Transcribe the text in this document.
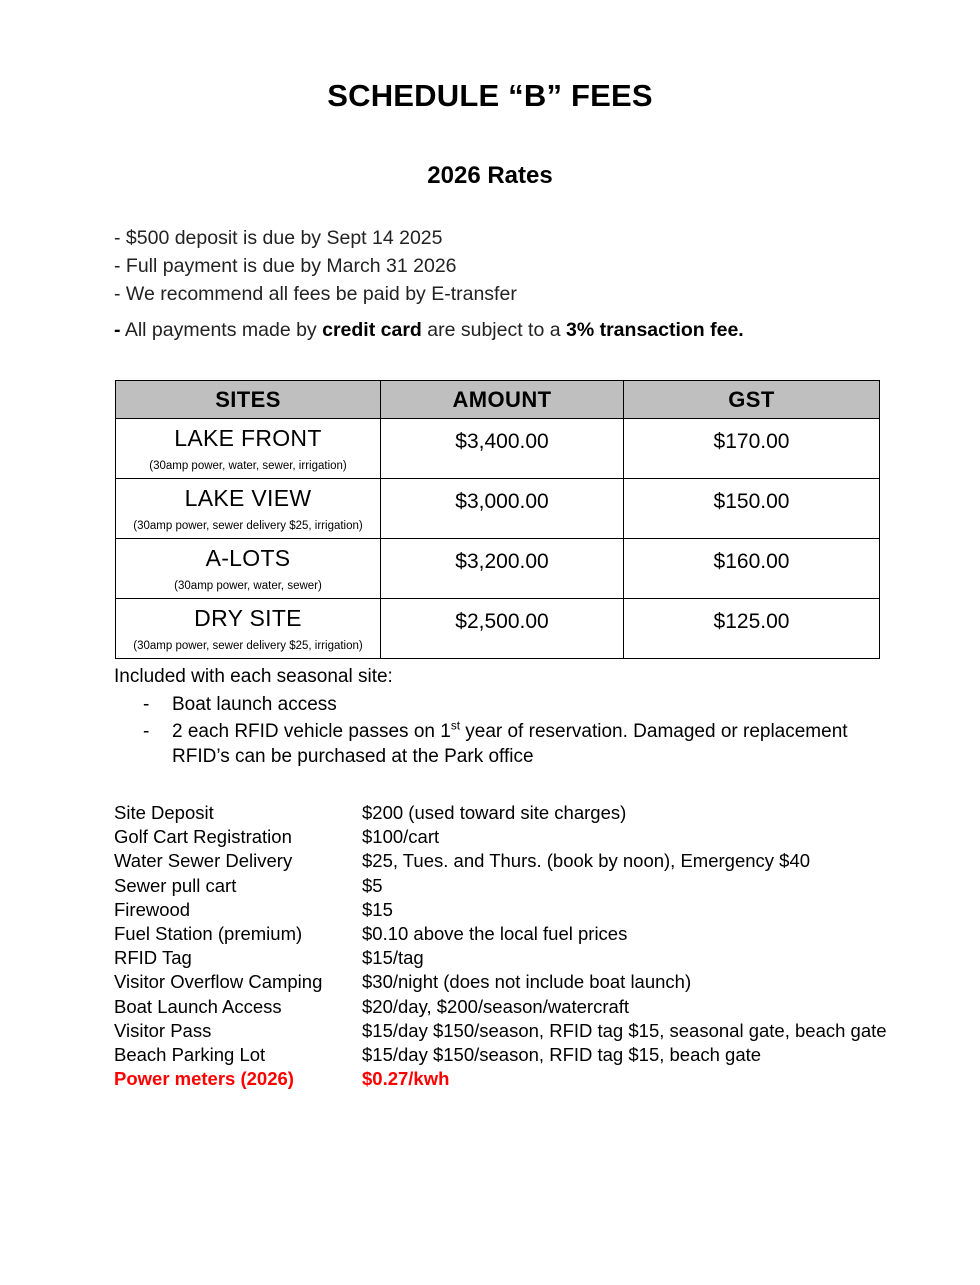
SCHEDULE “B” FEES
2026 Rates
- $500 deposit is due by Sept 14 2025
- Full payment is due by March 31 2026
- We recommend all fees be paid by E-transfer
- All payments made by credit card are subject to a 3% transaction fee.
SITES	AMOUNT	GST

LAKE FRONT
(30amp power, water, sewer, irrigation)	$3,400.00	$170.00

LAKE VIEW
(30amp power, sewer delivery $25, irrigation)	$3,000.00	$150.00

A-LOTS
(30amp power, water, sewer)	$3,200.00	$160.00

DRY SITE
(30amp power, sewer delivery $25, irrigation)	$2,500.00	$125.00
Included with each seasonal site:
-	Boat launch access
-	2 each RFID vehicle passes on 1st year of reservation. Damaged or replacement RFID’s can be purchased at the Park office
Site Deposit	$200 (used toward site charges)
Golf Cart Registration	$100/cart
Water Sewer Delivery	$25, Tues. and Thurs. (book by noon), Emergency $40
Sewer pull cart	$5
Firewood	$15
Fuel Station (premium)	$0.10 above the local fuel prices
RFID Tag	$15/tag
Visitor Overflow Camping	$30/night (does not include boat launch)
Boat Launch Access	$20/day, $200/season/watercraft
Visitor Pass	$15/day $150/season, RFID tag $15, seasonal gate, beach gate
Beach Parking Lot	$15/day $150/season, RFID tag $15, beach gate
Power meters (2026)	$0.27/kwh
